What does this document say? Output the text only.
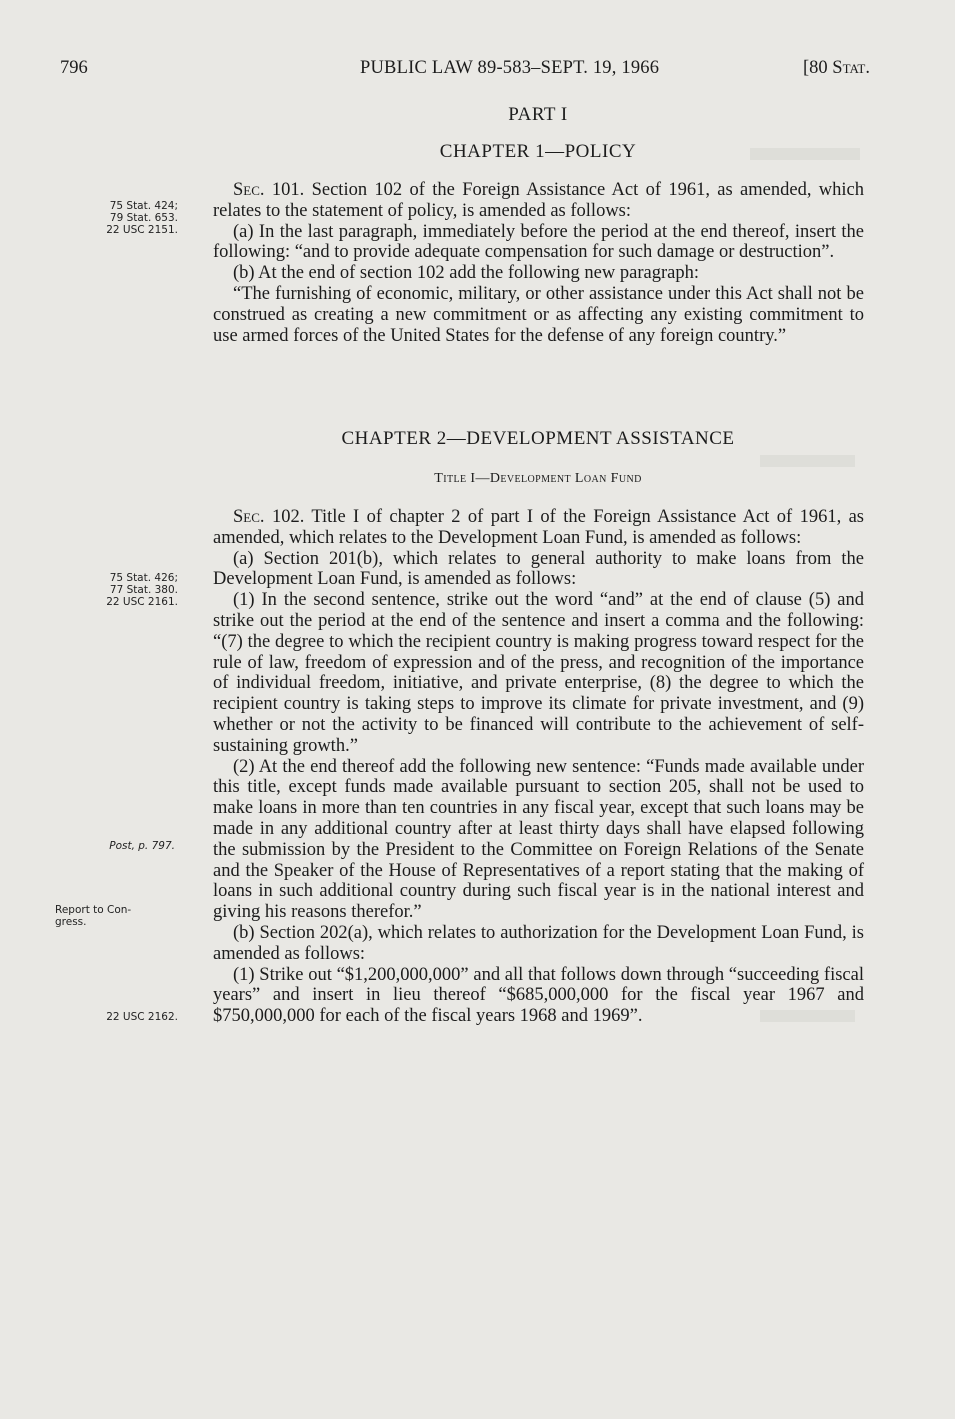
796	PUBLIC LAW 89-583–SEPT. 19, 1966	[80 Stat.
PART I
CHAPTER 1—POLICY

Sec. 101. Section 102 of the Foreign Assistance Act of 1961, as amended, which relates to the statement of policy, is amended as follows:

(a) In the last paragraph, immediately before the period at the end thereof, insert the following: “and to provide adequate compensation for such damage or destruction”.

(b) At the end of section 102 add the following new paragraph:

“The furnishing of economic, military, or other assistance under this Act shall not be construed as creating a new commitment or as affecting any existing commitment to use armed forces of the United States for the defense of any foreign country.”

CHAPTER 2—DEVELOPMENT ASSISTANCE
Title I—Development Loan Fund

Sec. 102. Title I of chapter 2 of part I of the Foreign Assistance Act of 1961, as amended, which relates to the Development Loan Fund, is amended as follows:

(a) Section 201(b), which relates to general authority to make loans from the Development Loan Fund, is amended as follows:

(1) In the second sentence, strike out the word “and” at the end of clause (5) and strike out the period at the end of the sentence and insert a comma and the following: “(7) the degree to which the recipient country is making progress toward respect for the rule of law, freedom of expression and of the press, and recognition of the importance of individual freedom, initiative, and private enterprise, (8) the degree to which the recipient country is taking steps to improve its climate for private investment, and (9) whether or not the activity to be financed will contribute to the achievement of self-sustaining growth.”

(2) At the end thereof add the following new sentence: “Funds made available under this title, except funds made available pursuant to section 205, shall not be used to make loans in more than ten countries in any fiscal year, except that such loans may be made in any additional country after at least thirty days shall have elapsed following the submission by the President to the Committee on Foreign Relations of the Senate and the Speaker of the House of Representatives of a report stating that the making of loans in such additional country during such fiscal year is in the national interest and giving his reasons therefor.”

(b) Section 202(a), which relates to authorization for the Development Loan Fund, is amended as follows:

(1) Strike out “$1,200,000,000” and all that follows down through “succeeding fiscal years” and insert in lieu thereof “$685,000,000 for the fiscal year 1967 and $750,000,000 for each of the fiscal years 1968 and 1969”.

75 Stat. 424;
79 Stat. 653.
22 USC 2151.
75 Stat. 426;
77 Stat. 380.
22 USC 2161.
Post, p. 797.
Report to Con-
gress.
22 USC 2162.
